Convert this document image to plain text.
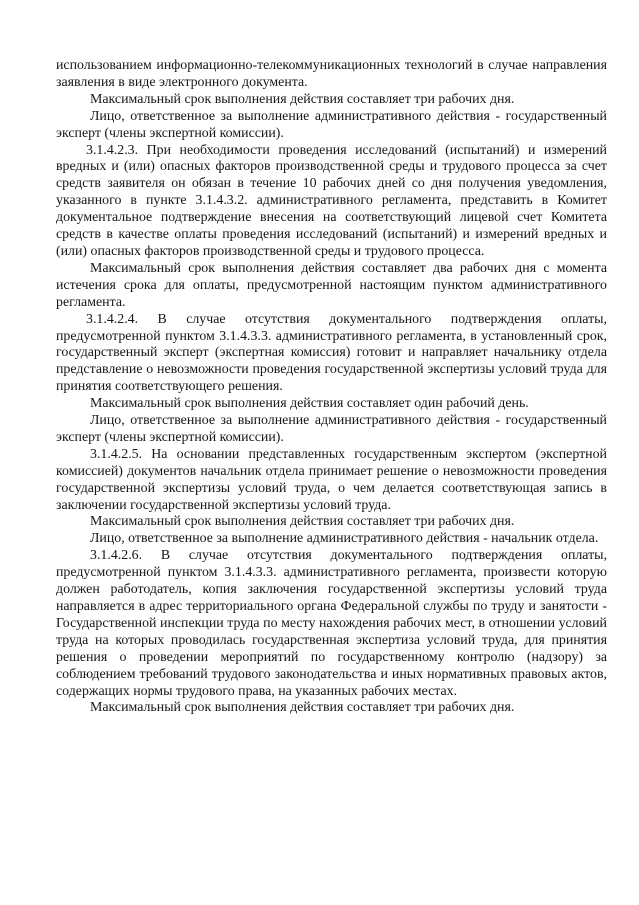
использованием информационно-телекоммуникационных технологий в случае направления заявления в виде электронного документа.

Максимальный срок выполнения действия составляет три рабочих дня.

Лицо, ответственное за выполнение административного действия - государственный эксперт (члены экспертной комиссии).

3.1.4.2.3. При необходимости проведения исследований (испытаний) и измерений вредных и (или) опасных факторов производственной среды и трудового процесса за счет средств заявителя он обязан в течение 10 рабочих дней со дня получения уведомления, указанного в пункте 3.1.4.3.2. административного регламента, представить в Комитет документальное подтверждение внесения на соответствующий лицевой счет Комитета средств в качестве оплаты проведения исследований (испытаний) и измерений вредных и (или) опасных факторов производственной среды и трудового процесса.

Максимальный срок выполнения действия составляет два рабочих дня с момента истечения срока для оплаты, предусмотренной настоящим пунктом административного регламента.

3.1.4.2.4. В случае отсутствия документального подтверждения оплаты, предусмотренной пунктом 3.1.4.3.3. административного регламента, в установленный срок, государственный эксперт (экспертная комиссия) готовит и направляет начальнику отдела представление о невозможности проведения государственной экспертизы условий труда для принятия соответствующего решения.

Максимальный срок выполнения действия составляет один рабочий день.

Лицо, ответственное за выполнение административного действия - государственный эксперт (члены экспертной комиссии).

3.1.4.2.5. На основании представленных государственным экспертом (экспертной комиссией) документов начальник отдела принимает решение о невозможности проведения государственной экспертизы условий труда, о чем делается соответствующая запись в заключении государственной экспертизы условий труда.

Максимальный срок выполнения действия составляет три рабочих дня.

Лицо, ответственное за выполнение административного действия - начальник отдела.

3.1.4.2.6. В случае отсутствия документального подтверждения оплаты, предусмотренной пунктом 3.1.4.3.3. административного регламента, произвести которую должен работодатель, копия заключения государственной экспертизы условий труда направляется в адрес территориального органа Федеральной службы по труду и занятости - Государственной инспекции труда по месту нахождения рабочих мест, в отношении условий труда на которых проводилась государственная экспертиза условий труда, для принятия решения о проведении мероприятий по государственному контролю (надзору) за соблюдением требований трудового законодательства и иных нормативных правовых актов, содержащих нормы трудового права, на указанных рабочих местах.

Максимальный срок выполнения действия составляет три рабочих дня.
